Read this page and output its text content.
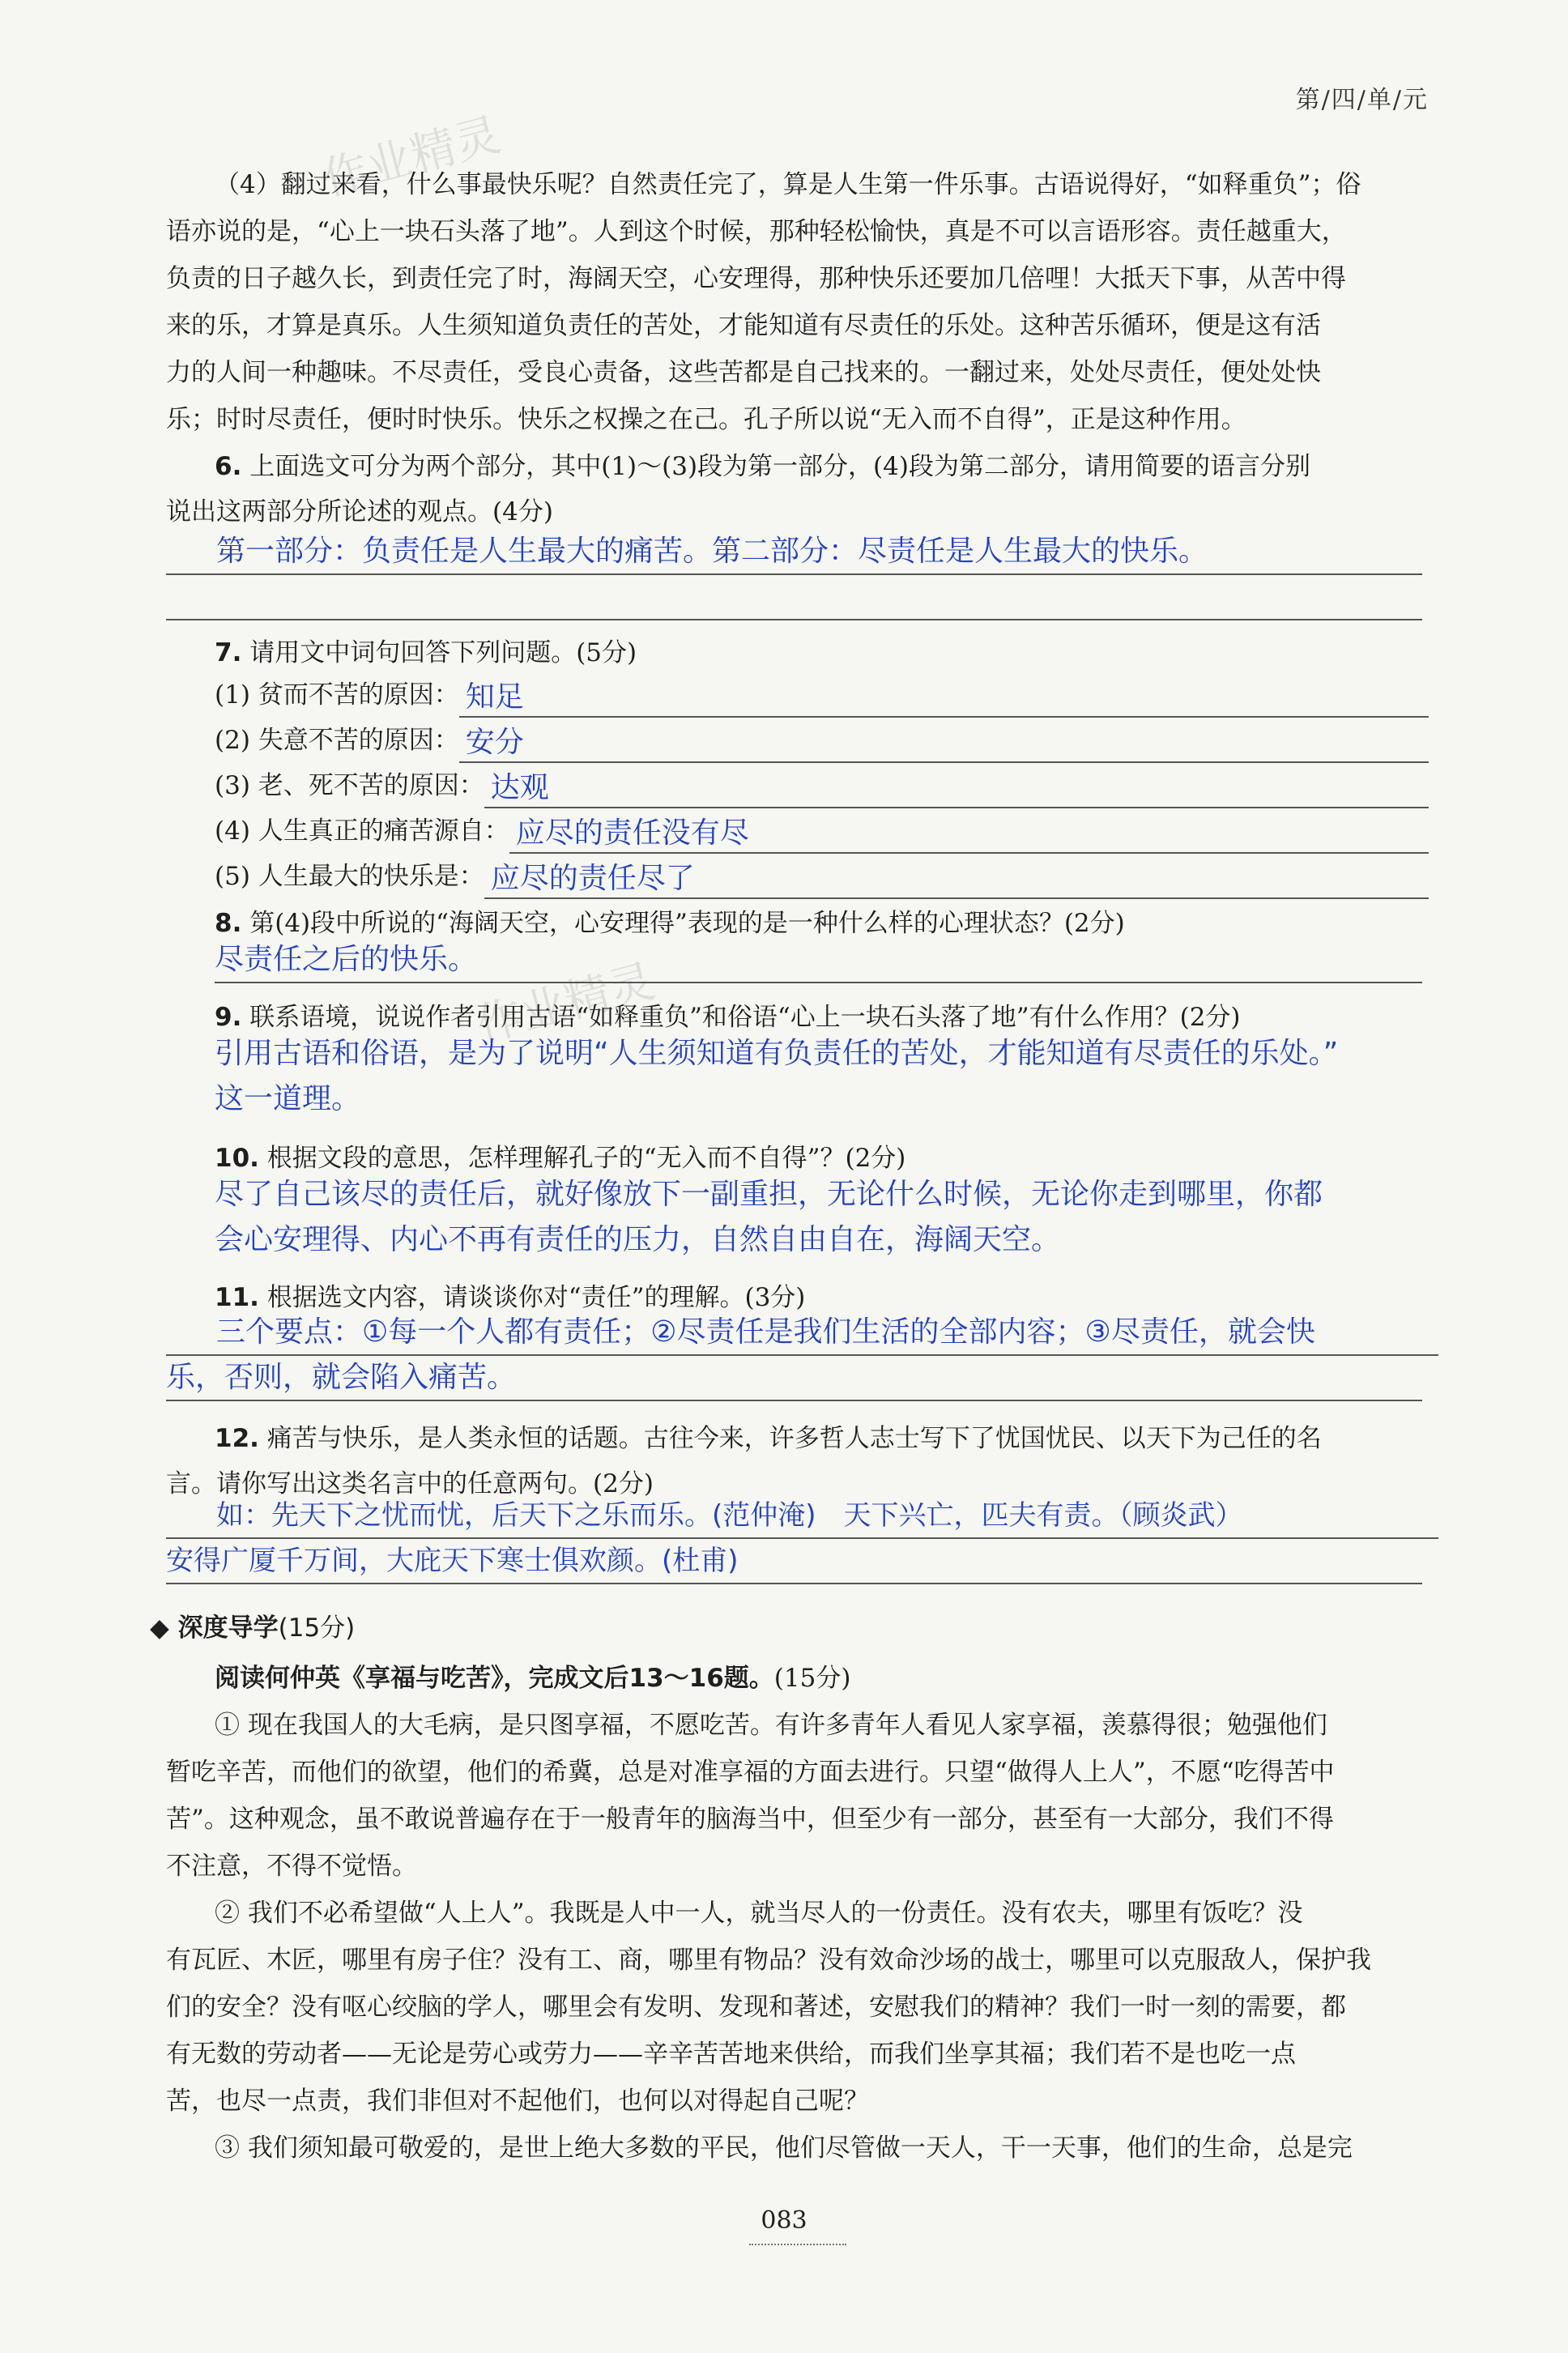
第/四/单/元
作业精灵
作业精灵
（4）翻过来看，什么事最快乐呢？自然责任完了，算是人生第一件乐事。古语说得好，“如释重负”；俗
语亦说的是，“心上一块石头落了地”。人到这个时候，那种轻松愉快，真是不可以言语形容。责任越重大，
负责的日子越久长，到责任完了时，海阔天空，心安理得，那种快乐还要加几倍哩！大抵天下事，从苦中得
来的乐，才算是真乐。人生须知道负责任的苦处，才能知道有尽责任的乐处。这种苦乐循环，便是这有活
力的人间一种趣味。不尽责任，受良心责备，这些苦都是自己找来的。一翻过来，处处尽责任，便处处快
乐；时时尽责任，便时时快乐。快乐之权操之在己。孔子所以说“无入而不自得”，正是这种作用。
6. 上面选文可分为两个部分，其中(1)～(3)段为第一部分，(4)段为第二部分，请用简要的语言分别
说出这两部分所论述的观点。(4分)
第一部分：负责任是人生最大的痛苦。第二部分：尽责任是人生最大的快乐。
7. 请用文中词句回答下列问题。(5分)
(1) 贫而不苦的原因： 知足
(2) 失意不苦的原因： 安分
(3) 老、死不苦的原因： 达观
(4) 人生真正的痛苦源自： 应尽的责任没有尽
(5) 人生最大的快乐是： 应尽的责任尽了
8. 第(4)段中所说的“海阔天空，心安理得”表现的是一种什么样的心理状态？(2分)
尽责任之后的快乐。
9. 联系语境，说说作者引用古语“如释重负”和俗语“心上一块石头落了地”有什么作用？(2分)
引用古语和俗语，是为了说明“人生须知道有负责任的苦处，才能知道有尽责任的乐处。”
这一道理。
10. 根据文段的意思，怎样理解孔子的“无入而不自得”？(2分)
尽了自己该尽的责任后，就好像放下一副重担，无论什么时候，无论你走到哪里，你都
会心安理得、内心不再有责任的压力，自然自由自在，海阔天空。
11. 根据选文内容，请谈谈你对“责任”的理解。(3分)
三个要点：①每一个人都有责任；②尽责任是我们生活的全部内容；③尽责任，就会快
乐，否则，就会陷入痛苦。
12. 痛苦与快乐，是人类永恒的话题。古往今来，许多哲人志士写下了忧国忧民、以天下为己任的名
言。请你写出这类名言中的任意两句。(2分)
如：先天下之忧而忧，后天下之乐而乐。(范仲淹)　天下兴亡，匹夫有责。（顾炎武）
安得广厦千万间，大庇天下寒士俱欢颜。(杜甫)
◆ 深度导学(15分)
阅读何仲英《享福与吃苦》，完成文后13～16题。(15分)
① 现在我国人的大毛病，是只图享福，不愿吃苦。有许多青年人看见人家享福，羡慕得很；勉强他们
暂吃辛苦，而他们的欲望，他们的希冀，总是对准享福的方面去进行。只望“做得人上人”，不愿“吃得苦中
苦”。这种观念，虽不敢说普遍存在于一般青年的脑海当中，但至少有一部分，甚至有一大部分，我们不得
不注意，不得不觉悟。
② 我们不必希望做“人上人”。我既是人中一人，就当尽人的一份责任。没有农夫，哪里有饭吃？没
有瓦匠、木匠，哪里有房子住？没有工、商，哪里有物品？没有效命沙场的战士，哪里可以克服敌人，保护我
们的安全？没有呕心绞脑的学人，哪里会有发明、发现和著述，安慰我们的精神？我们一时一刻的需要，都
有无数的劳动者——无论是劳心或劳力——辛辛苦苦地来供给，而我们坐享其福；我们若不是也吃一点
苦，也尽一点责，我们非但对不起他们，也何以对得起自己呢？
③ 我们须知最可敬爱的，是世上绝大多数的平民，他们尽管做一天人，干一天事，他们的生命，总是完
083
